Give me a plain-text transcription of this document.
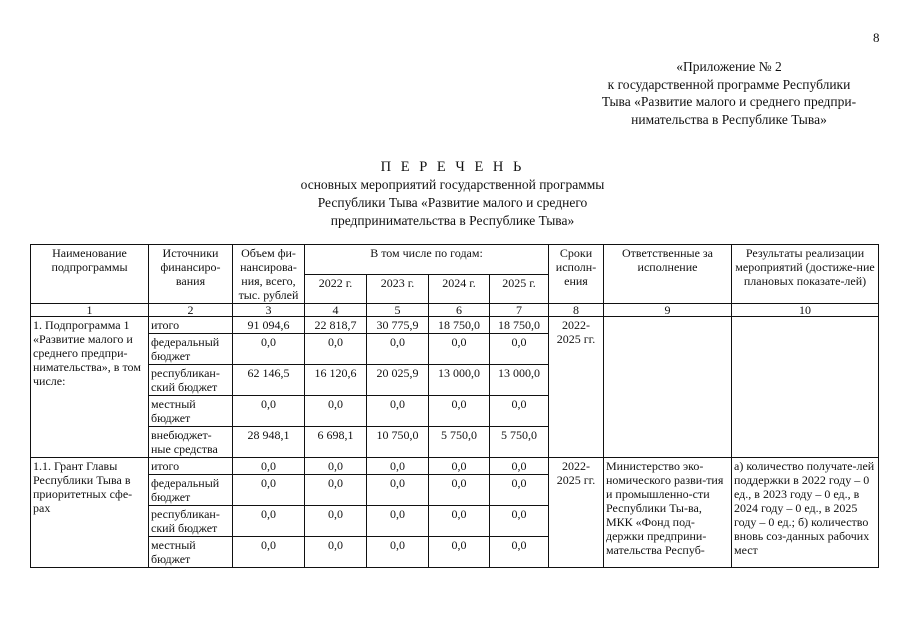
8
«Приложение № 2
к государственной программе Республики
Тыва «Развитие малого и среднего предпри-
нимательства в Республике Тыва»
П Е Р Е Ч Е Н Ь
основных мероприятий государственной программы
Республики Тыва «Развитие малого и среднего
предпринимательства в Республике Тыва»
Наименование подпрограммы	Источники финансиро-вания	Объем фи-нансирова-ния, всего, тыс. рублей	В том числе по годам:				Сроки исполн-ения	Ответственные за исполнение	Результаты реализации мероприятий (достиже-ние плановых показате-лей)
			2022 г.	2023 г.	2024 г.	2025 г.			
1	2	3	4	5	6	7	8	9	10
1. Подпрограмма 1 «Развитие малого и среднего предпри-нимательства», в том числе:	итого	91 094,6	22 818,7	30 775,9	18 750,0	18 750,0	2022-2025 гг.		
	федеральный бюджет	0,0	0,0	0,0	0,0	0,0			
	республикан-ский бюджет	62 146,5	16 120,6	20 025,9	13 000,0	13 000,0			
	местный бюджет	0,0	0,0	0,0	0,0	0,0			
	внебюджет-ные средства	28 948,1	6 698,1	10 750,0	5 750,0	5 750,0			
1.1. Грант Главы Республики Тыва в приоритетных сфе-рах	итого	0,0	0,0	0,0	0,0	0,0	2022-2025 гг.	Министерство эко-номического разви-тия и промышленно-сти Республики Ты-ва, МКК «Фонд под-держки предприни-мательства Респуб-	а) количество получате-лей поддержки в 2022 году – 0 ед., в 2023 году – 0 ед., в 2024 году – 0 ед., в 2025 году – 0 ед.; б) количество вновь соз-данных рабочих мест
	федеральный бюджет	0,0	0,0	0,0	0,0	0,0			
	республикан-ский бюджет	0,0	0,0	0,0	0,0	0,0			
	местный бюджет	0,0	0,0	0,0	0,0	0,0			
